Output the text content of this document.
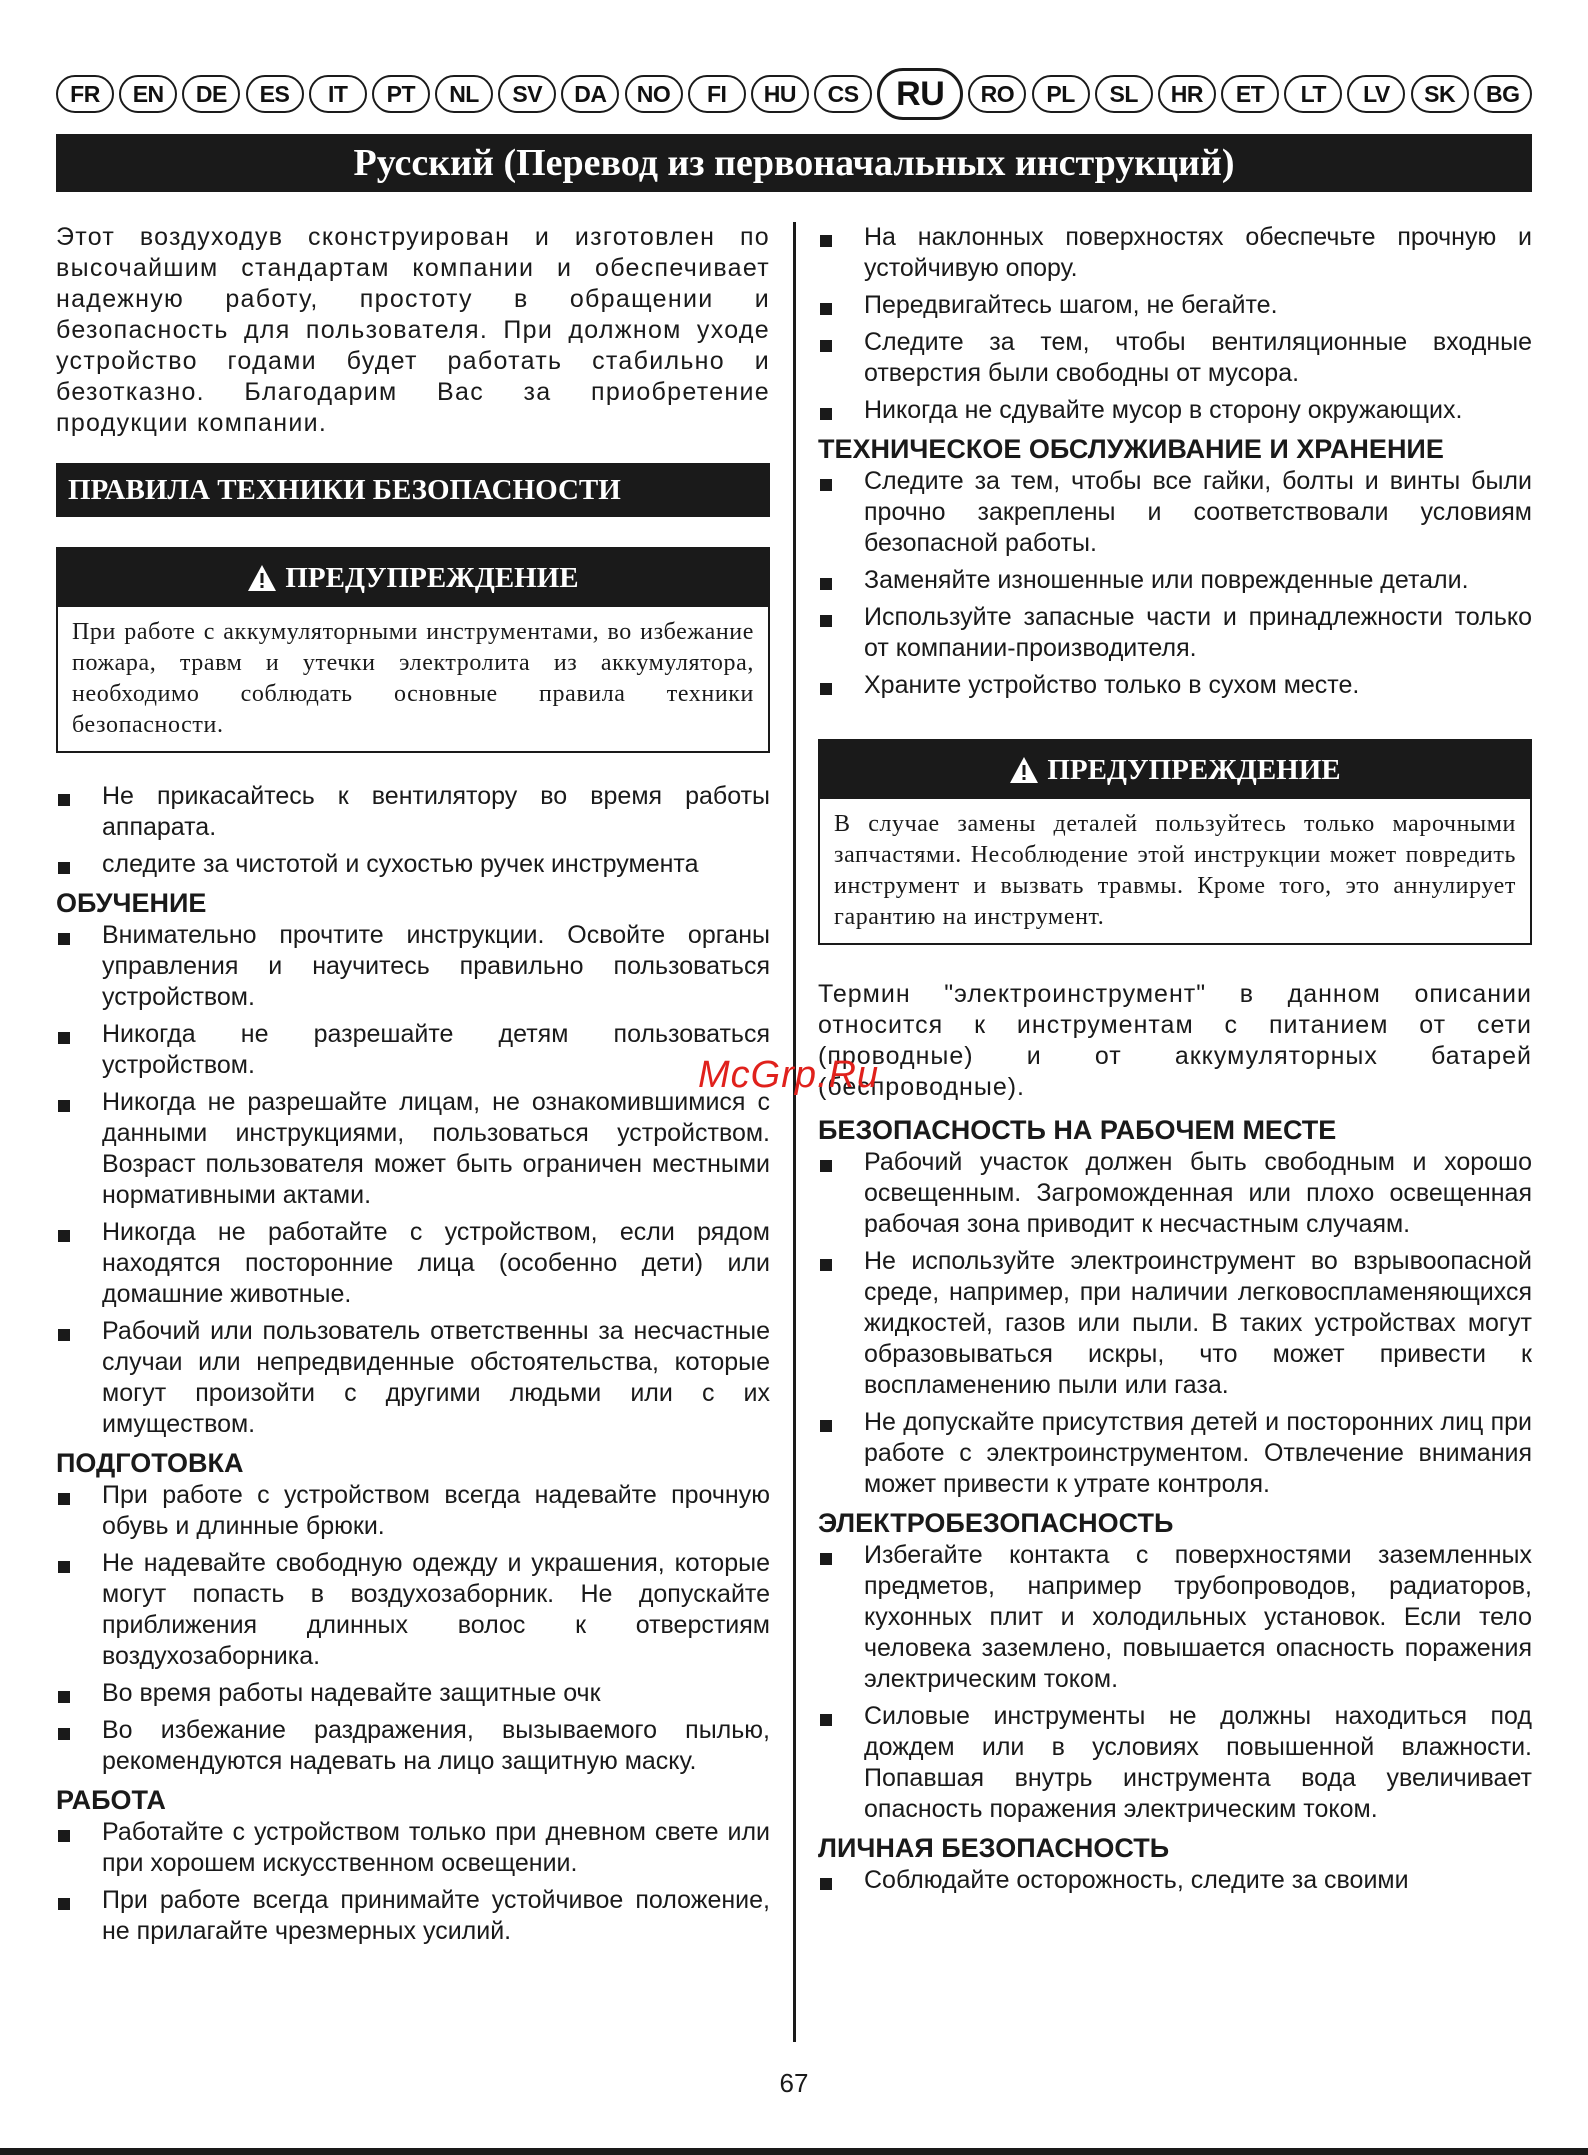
FR	EN	DE	ES	IT	PT	NL	SV	DA	NO	FI	HU	CS	RU	RO	PL	SL	HR	ET	LT	LV	SK	BG
Русский (Перевод из первоначальных инструкций)

Этот воздуходув сконструирован и изготовлен по высочайшим стандартам компании и обеспечивает надежную работу, простоту в обращении и безопасность для пользователя. При должном уходе устройство годами будет работать стабильно и безотказно. Благодарим Вас за приобретение продукции компании.

ПРАВИЛА ТЕХНИКИ БЕЗОПАСНОСТИ
ПРЕДУПРЕЖДЕНИЕ
При работе с аккумуляторными инструментами, во избежание пожара, травм и утечки электролита из аккумулятора, необходимо соблюдать основные правила техники безопасности.
Не прикасайтесь к вентилятору во время работы аппарата.
следите за чистотой и сухостью ручек инструмента
ОБУЧЕНИЕ
Внимательно прочтите инструкции. Освойте органы управления и научитесь правильно пользоваться устройством.
Никогда не разрешайте детям пользоваться устройством.
Никогда не разрешайте лицам, не ознакомившимися с данными инструкциями, пользоваться устройством. Возраст пользователя может быть ограничен местными нормативными актами.
Никогда не работайте с устройством, если рядом находятся посторонние лица (особенно дети) или домашние животные.
Рабочий или пользователь ответственны за несчастные случаи или непредвиденные обстоятельства, которые могут произойти с другими людьми или с их имуществом.
ПОДГОТОВКА
При работе с устройством всегда надевайте прочную обувь и длинные брюки.
Не надевайте свободную одежду и украшения, которые могут попасть в воздухозаборник. Не допускайте приближения длинных волос к отверстиям воздухозаборника.
Во время работы надевайте защитные очк
Во избежание раздражения, вызываемого пылью, рекомендуются надевать на лицо защитную маску.
РАБОТА
Работайте с устройством только при дневном свете или при хорошем искусственном освещении.
При работе всегда принимайте устойчивое положение, не прилагайте чрезмерных усилий.
На наклонных поверхностях обеспечьте прочную и устойчивую опору.
Передвигайтесь шагом, не бегайте.
Следите за тем, чтобы вентиляционные входные отверстия были свободны от мусора.
Никогда не сдувайте мусор в сторону окружающих.
ТЕХНИЧЕСКОЕ ОБСЛУЖИВАНИЕ И ХРАНЕНИЕ
Следите за тем, чтобы все гайки, болты и винты были прочно закреплены и соответствовали условиям безопасной работы.
Заменяйте изношенные или поврежденные детали.
Используйте запасные части и принадлежности только от компании-производителя.
Храните устройство только в сухом месте.
ПРЕДУПРЕЖДЕНИЕ
В случае замены деталей пользуйтесь только марочными запчастями. Несоблюдение этой инструкции может повредить инструмент и вызвать травмы. Кроме того, это аннулирует гарантию на инструмент.

Термин "электроинструмент" в данном описании относится к инструментам с питанием от сети (проводные) и от аккумуляторных батарей (беспроводные).

БЕЗОПАСНОСТЬ НА РАБОЧЕМ МЕСТЕ
Рабочий участок должен быть свободным и хорошо освещенным. Загроможденная или плохо освещенная рабочая зона приводит к несчастным случаям.
Не используйте электроинструмент во взрывоопасной среде, например, при наличии легковоспламеняющихся жидкостей, газов или пыли. В таких устройствах могут образовываться искры, что может привести к воспламенению пыли или газа.
Не допускайте присутствия детей и посторонних лиц при работе с электроинструментом. Отвлечение внимания может привести к утрате контроля.
ЭЛЕКТРОБЕЗОПАСНОСТЬ
Избегайте контакта с поверхностями заземленных предметов, например трубопроводов, радиаторов, кухонных плит и холодильных установок. Если тело человека заземлено, повышается опасность поражения электрическим током.
Силовые инструменты не должны находиться под дождем или в условиях повышенной влажности. Попавшая внутрь инструмента вода увеличивает опасность поражения электрическим током.
ЛИЧНАЯ БЕЗОПАСНОСТЬ
Соблюдайте осторожность, следите за своими
McGrp.Ru
67
